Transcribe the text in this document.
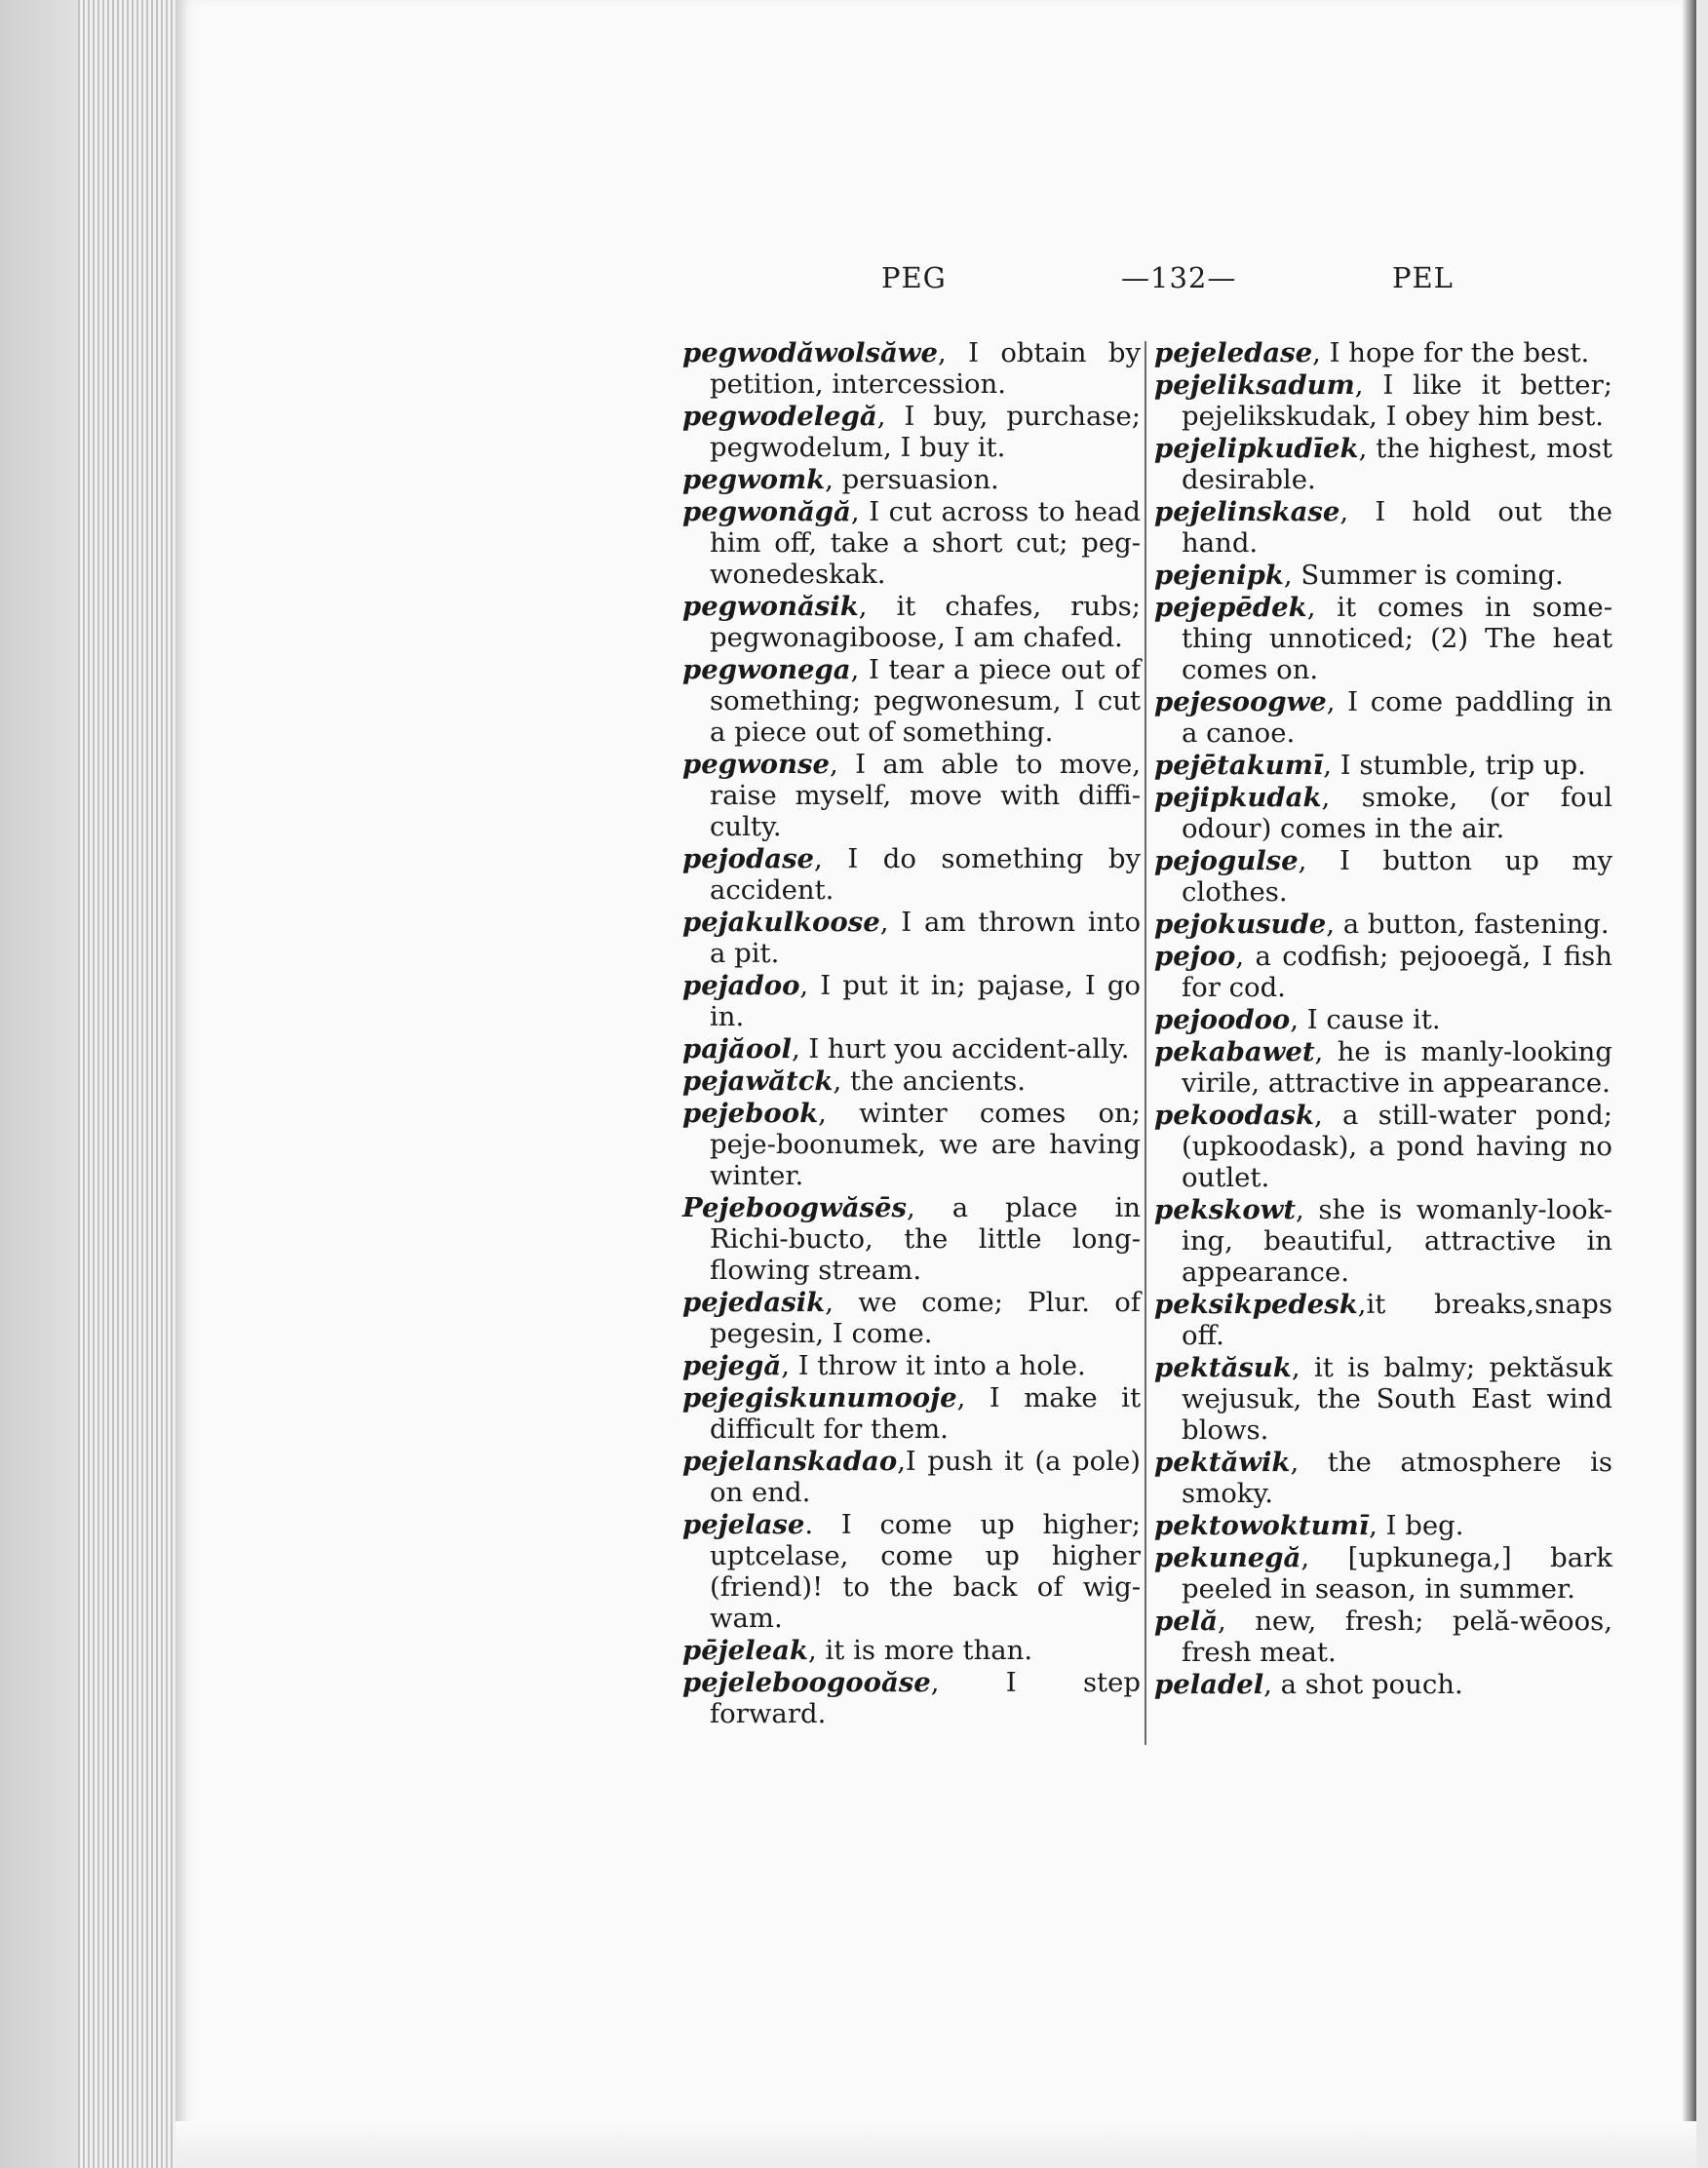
PEG	—132—	PEL

pegwodăwolsăwe, I obtain by petition, intercession.

pegwodelegă, I buy, purchase; pegwodelum, I buy it.

pegwomk, persuasion.

pegwonăgă, I cut across to head him off, take a short cut; peg-wonedeskak.

pegwonăsik, it chafes, rubs; pegwonagiboose, I am chafed.

pegwonega, I tear a piece out of something; pegwonesum, I cut a piece out of something.

pegwonse, I am able to move, raise myself, move with diffi-culty.

pejodase, I do something by accident.

pejakulkoose, I am thrown into a pit.

pejadoo, I put it in; pajase, I go in.

pajăool, I hurt you accident-ally.

pejawătck, the ancients.

pejebook, winter comes on; peje-boonumek, we are having winter.

Pejeboogwăsēs, a place in Richi-bucto, the little long-flowing stream.

pejedasik, we come; Plur. of pegesin, I come.

pejegă, I throw it into a hole.

pejegiskunumooje, I make it difficult for them.

pejelanskadao,I push it (a pole) on end.

pejelase. I come up higher; uptcelase, come up higher (friend)! to the back of wig-wam.

pējeleak, it is more than.

pejeleboogooăse, I step forward.

pejeledase, I hope for the best.

pejeliksadum, I like it better; pejelikskudak, I obey him best.

pejelipkudīek, the highest, most desirable.

pejelinskase, I hold out the hand.

pejenipk, Summer is coming.

pejepēdek, it comes in some-thing unnoticed; (2) The heat comes on.

pejesoogwe, I come paddling in a canoe.

pejētakumī, I stumble, trip up.

pejipkudak, smoke, (or foul odour) comes in the air.

pejogulse, I button up my clothes.

pejokusude, a button, fastening.

pejoo, a codfish; pejooegă, I fish for cod.

pejoodoo, I cause it.

pekabawet, he is manly-looking virile, attractive in appearance.

pekoodask, a still-water pond; (upkoodask), a pond having no outlet.

pekskowt, she is womanly-look-ing, beautiful, attractive in appearance.

peksikpedesk,it breaks,snaps off.

pektăsuk, it is balmy; pektăsuk wejusuk, the South East wind blows.

pektăwik, the atmosphere is smoky.

pektowoktumī, I beg.

pekunegă, [upkunega,] bark peeled in season, in summer.

pelă, new, fresh; pelă-wēoos, fresh meat.

peladel, a shot pouch.
